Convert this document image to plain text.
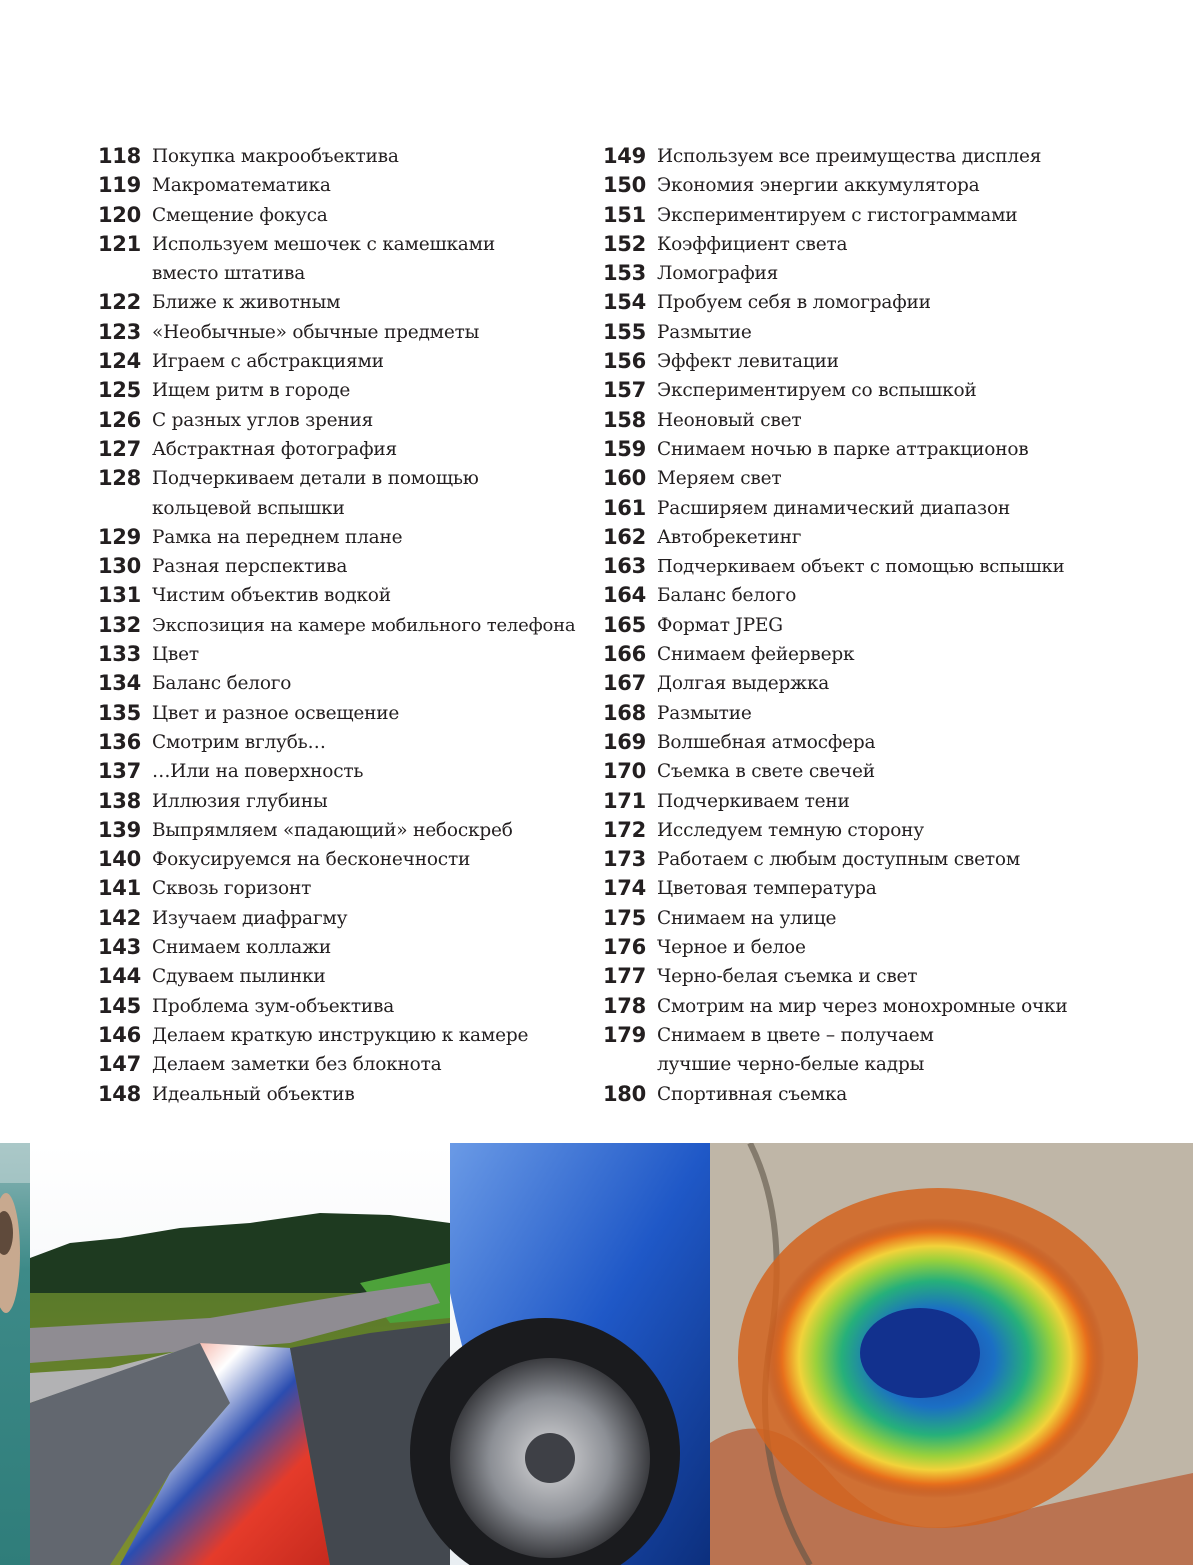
118 Покупка макрообъектива
119 Макроматематика
120 Смещение фокуса
121 Используем мешочек с камешками вместо штатива
122 Ближе к животным
123 «Необычные» обычные предметы
124 Играем с абстракциями
125 Ищем ритм в городе
126 С разных углов зрения
127 Абстрактная фотография
128 Подчеркиваем детали в помощью кольцевой вспышки
129 Рамка на переднем плане
130 Разная перспектива
131 Чистим объектив водкой
132 Экспозиция на камере мобильного телефона
133 Цвет
134 Баланс белого
135 Цвет и разное освещение
136 Смотрим вглубь…
137 …Или на поверхность
138 Иллюзия глубины
139 Выпрямляем «падающий» небоскреб
140 Фокусируемся на бесконечности
141 Сквозь горизонт
142 Изучаем диафрагму
143 Снимаем коллажи
144 Сдуваем пылинки
145 Проблема зум-объектива
146 Делаем краткую инструкцию к камере
147 Делаем заметки без блокнота
148 Идеальный объектив
149 Используем все преимущества дисплея
150 Экономия энергии аккумулятора
151 Экспериментируем с гистограммами
152 Коэффициент света
153 Ломография
154 Пробуем себя в ломографии
155 Размытие
156 Эффект левитации
157 Экспериментируем со вспышкой
158 Неоновый свет
159 Снимаем ночью в парке аттракционов
160 Меряем свет
161 Расширяем динамический диапазон
162 Автобрекетинг
163 Подчеркиваем объект с помощью вспышки
164 Баланс белого
165 Формат JPEG
166 Снимаем фейерверк
167 Долгая выдержка
168 Размытие
169 Волшебная атмосфера
170 Съемка в свете свечей
171 Подчеркиваем тени
172 Исследуем темную сторону
173 Работаем с любым доступным светом
174 Цветовая температура
175 Снимаем на улице
176 Черное и белое
177 Черно-белая съемка и свет
178 Смотрим на мир через монохромные очки
179 Снимаем в цвете – получаем лучшие черно-белые кадры
180 Спортивная съемка
